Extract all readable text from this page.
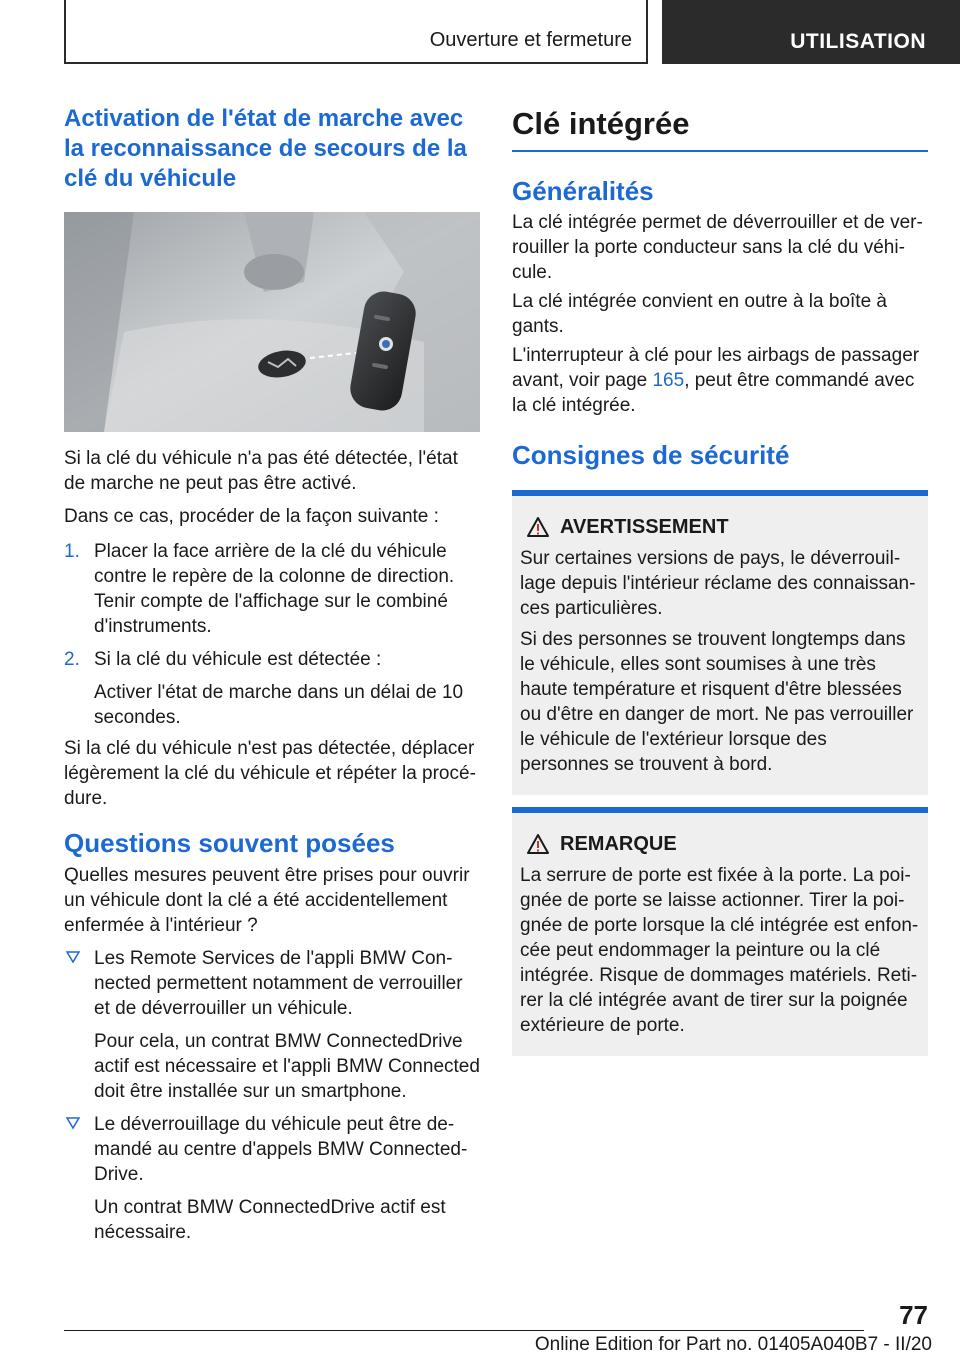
Ouverture et fermeture	UTILISATION
Activation de l'état de marche avec la reconnaissance de secours de la clé du véhicule

Si la clé du véhicule n'a pas été détectée, l'état de marche ne peut pas être activé.

Dans ce cas, procéder de la façon suivante :

1. Placer la face arrière de la clé du véhicule contre le repère de la colonne de direction. Tenir compte de l'affichage sur le combiné d'instruments.

2. Si la clé du véhicule est détectée :

Activer l'état de marche dans un délai de 10 secondes.

Si la clé du véhicule n'est pas détectée, déplacer légèrement la clé du véhicule et répéter la procédure.

Questions souvent posées

Quelles mesures peuvent être prises pour ouvrir un véhicule dont la clé a été accidentellement enfermée à l'intérieur ?

Les Remote Services de l'appli BMW Connected permettent notamment de verrouiller et de déverrouiller un véhicule.

Pour cela, un contrat BMW ConnectedDrive actif est nécessaire et l'appli BMW Connected doit être installée sur un smartphone.

Le déverrouillage du véhicule peut être demandé au centre d'appels BMW ConnectedDrive.

Un contrat BMW ConnectedDrive actif est nécessaire.

Clé intégrée
Généralités

La clé intégrée permet de déverrouiller et de verrouiller la porte conducteur sans la clé du véhicule.

La clé intégrée convient en outre à la boîte à gants.

L'interrupteur à clé pour les airbags de passager avant, voir page 165, peut être commandé avec la clé intégrée.

Consignes de sécurité
AVERTISSEMENT

Sur certaines versions de pays, le déverrouillage depuis l'intérieur réclame des connaissances particulières.

Si des personnes se trouvent longtemps dans le véhicule, elles sont soumises à une très haute température et risquent d'être blessées ou d'être en danger de mort. Ne pas verrouiller le véhicule de l'extérieur lorsque des personnes se trouvent à bord.

REMARQUE

La serrure de porte est fixée à la porte. La poignée de porte se laisse actionner. Tirer la poignée de porte lorsque la clé intégrée est enfoncée peut endommager la peinture ou la clé intégrée. Risque de dommages matériels. Retirer la clé intégrée avant de tirer sur la poignée extérieure de porte.

77
Online Edition for Part no. 01405A040B7 - II/20
